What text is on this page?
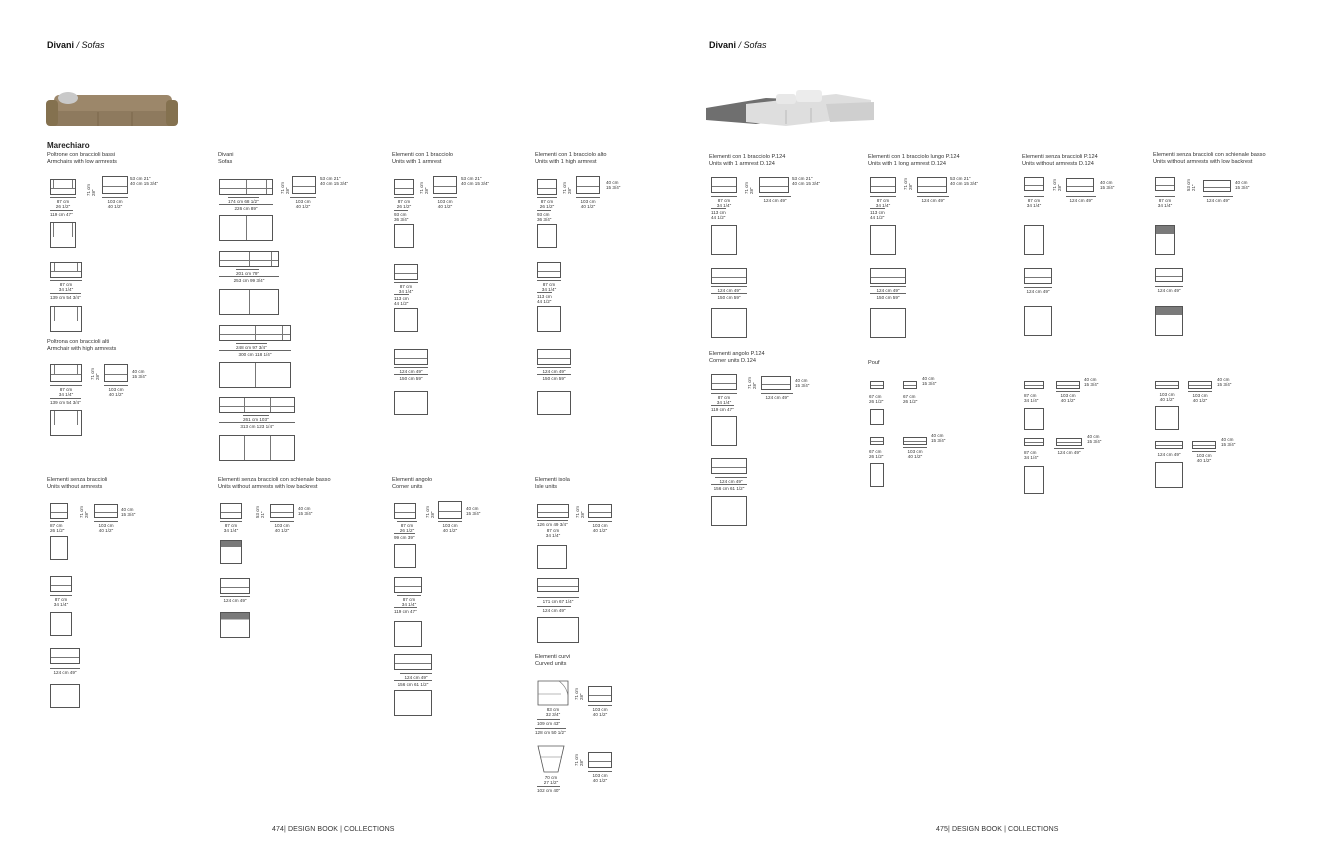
Divani / Sofas	Divani / Sofas
474| DESIGN BOOK | COLLECTIONS	475| DESIGN BOOK | COLLECTIONS
Marechiaro
Poltrone con braccioli bassi
Armchairs with low armrests
87 cm
26 1/2"
119 cm 47"
71 cm
28"
53 cm 21"
40 cm 15 3/4"
103 cm
40 1/2"
87 cm
34 1/4"
139 cm 54 3/4"
Divani
Sofas
174 cm 68 1/2"
226 cm 89"
71 cm
28"
53 cm 21"
40 cm 15 3/4"
103 cm
40 1/2"
201 cm 79"
253 cm 99 3/4"
248 cm 97 3/4"
300 cm 118 1/4"
261 cm 103"
313 cm 123 1/4"
Elementi con 1 bracciolo
Units with 1 armrest
87 cm
26 1/2"
93 cm
36 3/4"
71 cm
28"
53 cm 21"
40 cm 15 3/4"
103 cm
40 1/2"
87 cm
34 1/4"
113 cm
44 1/2"
124 cm 49"
150 cm 59"
Elementi con 1 bracciolo alto
Units with 1 high armrest
87 cm
26 1/2"
93 cm
36 3/4"
71 cm
28"
40 cm
15 3/4"
103 cm
40 1/2"
87 cm
34 1/4"
113 cm
44 1/2"
124 cm 49"
150 cm 59"
Poltrona con braccioli alti
Armchair with high armrests
87 cm
34 1/4"
139 cm 54 3/4"
71 cm
28"
40 cm
15 3/4"
103 cm
40 1/2"
Elementi senza braccioli
Units without armrests
87 cm
26 1/2"
71 cm
28"
40 cm
15 3/4"
103 cm
40 1/2"
87 cm
34 1/4"
124 cm 49"
Elementi senza braccioli con schienale basso
Units without armrests with low backrest
87 cm
34 1/4"
53 cm
21"
40 cm
15 3/4"
103 cm
40 1/2"
124 cm 49"
Elementi angolo
Corner units
87 cm
26 1/2"
99 cm 39"
71 cm
28"
40 cm
15 3/4"
103 cm
40 1/2"
87 cm
34 1/4"
119 cm 47"
124 cm 49"
156 cm 61 1/2"
Elementi isola
Isle units
126 cm 49 3/4"
87 cm
34 1/4"
71 cm
28"
103 cm
40 1/2"
171 cm 67 1/4"
124 cm 49"
Elementi curvi
Curved units
83 cm
32 3/4"
109 cm 43"
128 cm 50 1/2"
71 cm
28"
103 cm
40 1/2"
70 cm
27 1/2"
102 cm 40"
71 cm
28"
103 cm
40 1/2"
Elementi con 1 bracciolo P.124
Units with 1 armrest D.124
87 cm
34 1/4"
113 cm
44 1/2"
71 cm
28"
53 cm 21"
40 cm 15 3/4"
124 cm 49"
124 cm 49"
150 cm 59"
Elementi con 1 bracciolo lungo P.124
Units with 1 long armrest D.124
87 cm
34 1/4"
113 cm
44 1/2"
71 cm
28"
53 cm 21"
40 cm 15 3/4"
124 cm 49"
124 cm 49"
150 cm 59"
Elementi senza braccioli P.124
Units without armrests D.124
87 cm
34 1/4"
71 cm
28"
40 cm
15 3/4"
124 cm 49"
124 cm 49"
Elementi senza braccioli con schienale basso
Units without armrests with low backrest
87 cm
34 1/4"
53 cm
21"
40 cm
15 3/4"
124 cm 49"
124 cm 49"
Elementi angolo P.124
Corner units D.124
87 cm
34 1/4"
119 cm 47"
71 cm
28"
40 cm
15 3/4"
124 cm 49"
124 cm 49"
156 cm 61 1/2"
Pouf
67 cm
26 1/2"
40 cm
15 3/4"
67 cm
26 1/2"
67 cm
26 1/2"
40 cm
15 3/4"
103 cm
40 1/2"
87 cm
34 1/4"
40 cm
15 3/4"
103 cm
40 1/2"
87 cm
34 1/4"
40 cm
15 3/4"
124 cm 49"
103 cm
40 1/2"
40 cm
15 3/4"
103 cm
40 1/2"
124 cm 49"
40 cm
15 3/4"
103 cm
40 1/2"
